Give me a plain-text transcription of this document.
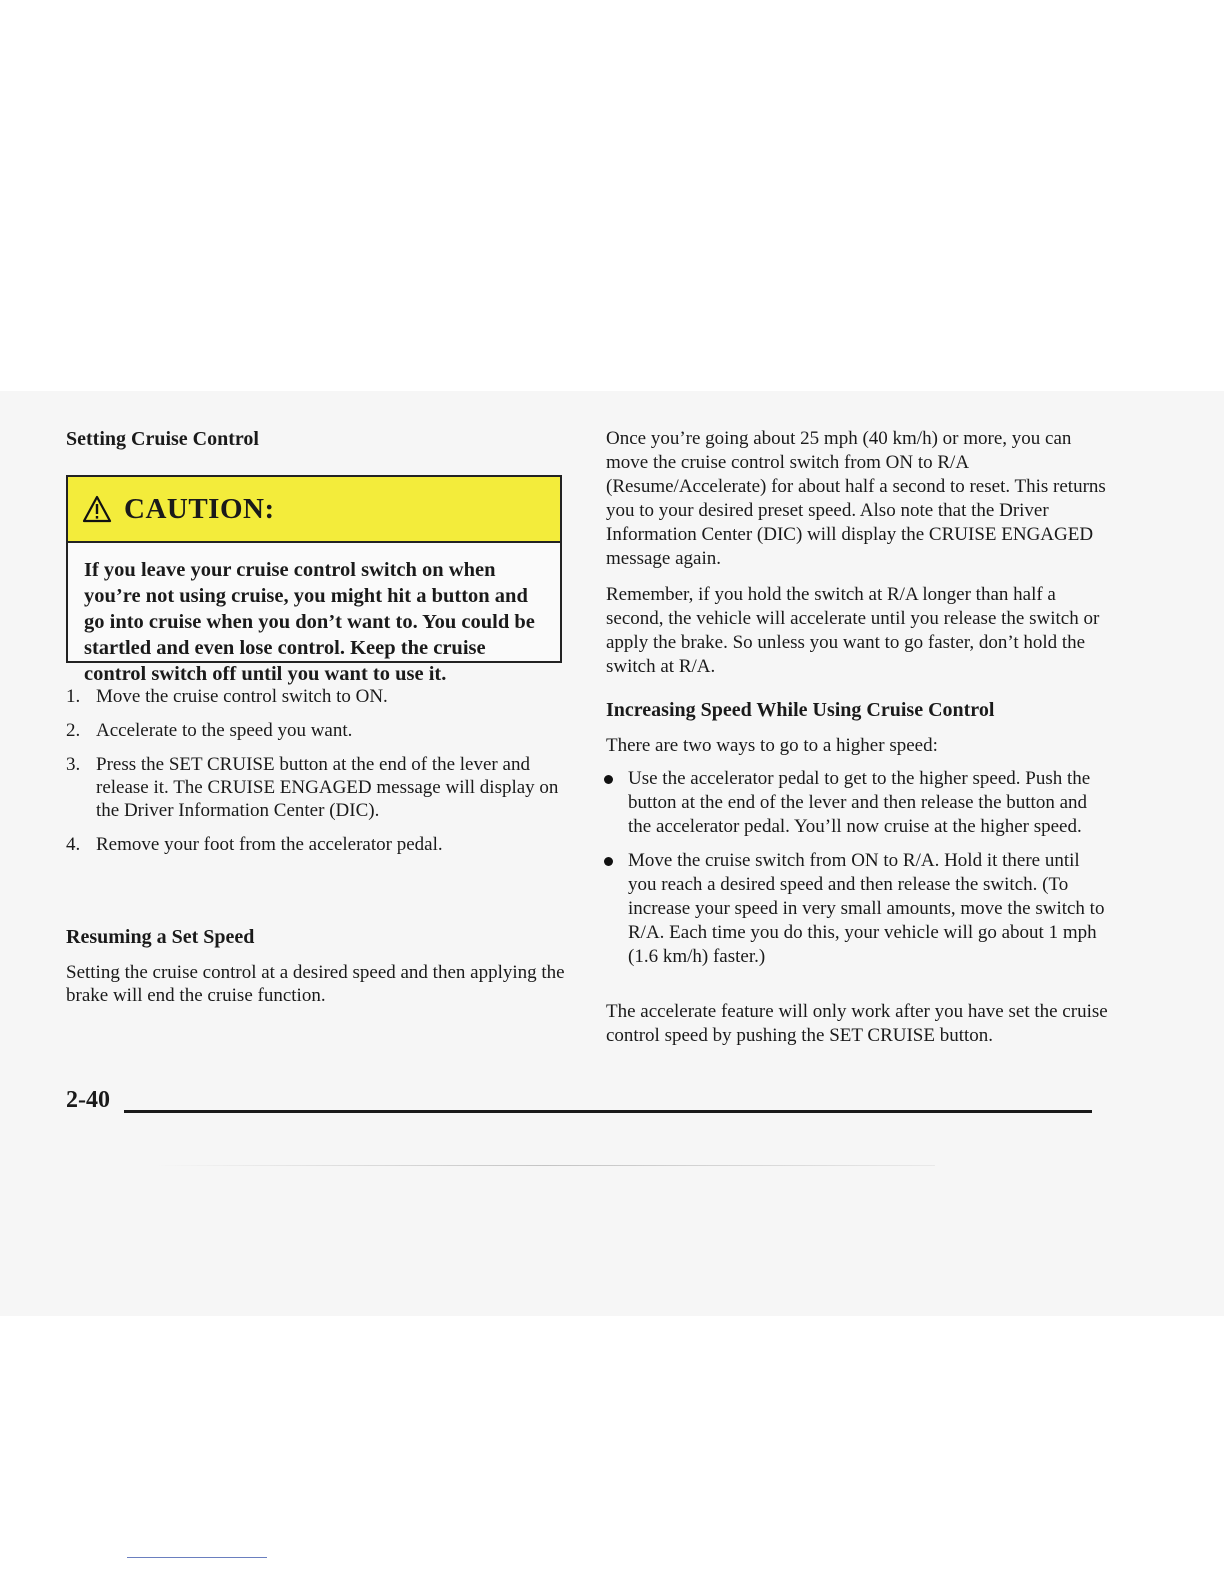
Setting Cruise Control
CAUTION:

If you leave your cruise control switch on when you’re not using cruise, you might hit a button and go into cruise when you don’t want to. You could be startled and even lose control. Keep the cruise control switch off until you want to use it.

1. Move the cruise control switch to ON.
2. Accelerate to the speed you want.
3. Press the SET CRUISE button at the end of the lever and release it. The CRUISE ENGAGED message will display on the Driver Information Center (DIC).
4. Remove your foot from the accelerator pedal.
Resuming a Set Speed

Setting the cruise control at a desired speed and then applying the brake will end the cruise function.

Once you’re going about 25 mph (40 km/h) or more, you can move the cruise control switch from ON to R/A (Resume/Accelerate) for about half a second to reset. This returns you to your desired preset speed. Also note that the Driver Information Center (DIC) will display the CRUISE ENGAGED message again.

Remember, if you hold the switch at R/A longer than half a second, the vehicle will accelerate until you release the switch or apply the brake. So unless you want to go faster, don’t hold the switch at R/A.

Increasing Speed While Using Cruise Control

There are two ways to go to a higher speed:

Use the accelerator pedal to get to the higher speed. Push the button at the end of the lever and then release the button and the accelerator pedal. You’ll now cruise at the higher speed.
Move the cruise switch from ON to R/A. Hold it there until you reach a desired speed and then release the switch. (To increase your speed in very small amounts, move the switch to R/A. Each time you do this, your vehicle will go about 1 mph (1.6 km/h) faster.)

The accelerate feature will only work after you have set the cruise control speed by pushing the SET CRUISE button.

2-40
